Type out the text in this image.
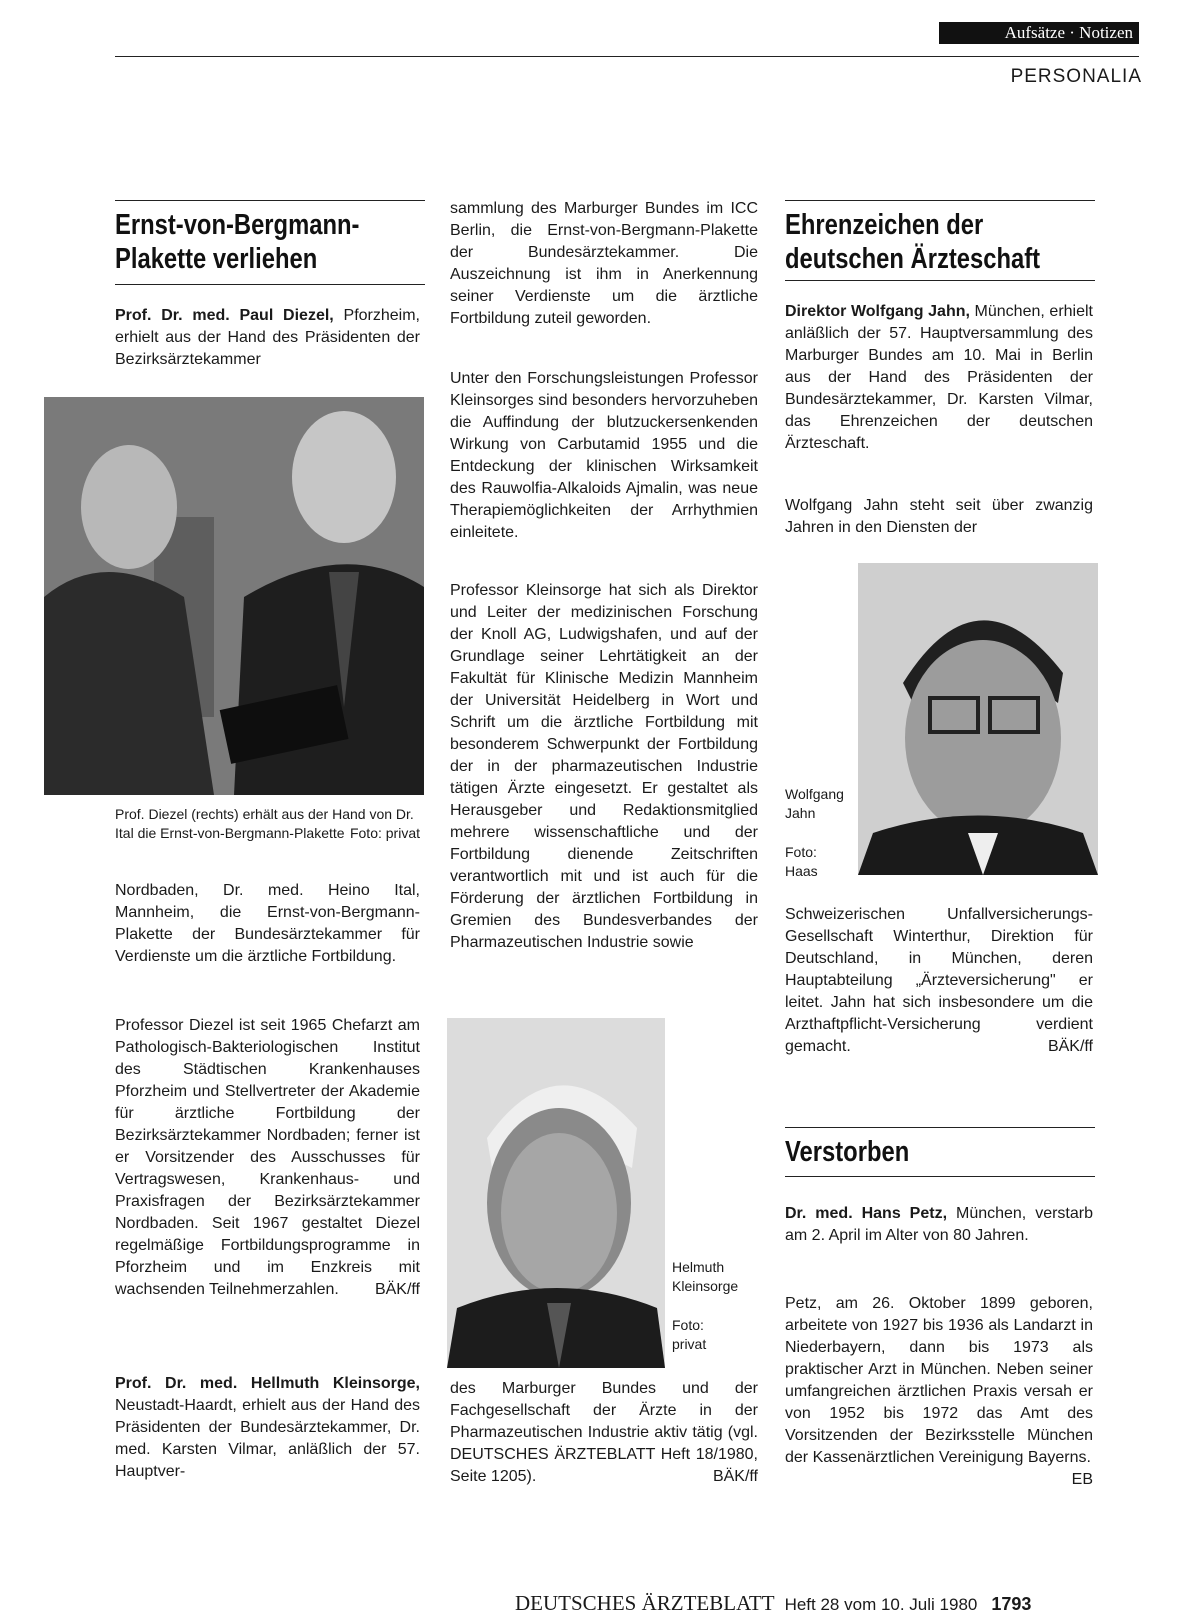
Aufsätze · Notizen
PERSONALIA
Ernst-von-Bergmann-
Plakette verliehen

Prof. Dr. med. Paul Diezel, Pforzheim, erhielt aus der Hand des Präsidenten der Bezirksärztekammer

Prof. Diezel (rechts) erhält aus der Hand von Dr. Ital die Ernst-von-Bergmann-Plakette Foto: privat

Nordbaden, Dr. med. Heino Ital, Mannheim, die Ernst-von-Bergmann-Plakette der Bundesärztekammer für Verdienste um die ärztliche Fortbildung.

Professor Diezel ist seit 1965 Chefarzt am Pathologisch-Bakteriologischen Institut des Städtischen Krankenhauses Pforzheim und Stellvertreter der Akademie für ärztliche Fortbildung der Bezirksärztekammer Nordbaden; ferner ist er Vorsitzender des Ausschusses für Vertragswesen, Krankenhaus- und Praxisfragen der Bezirksärztekammer Nordbaden. Seit 1967 gestaltet Diezel regelmäßige Fortbildungsprogramme in Pforzheim und im Enzkreis mit wachsenden Teilnehmerzahlen. BÄK/ff

Prof. Dr. med. Hellmuth Kleinsorge, Neustadt-Haardt, erhielt aus der Hand des Präsidenten der Bundesärztekammer, Dr. med. Karsten Vilmar, anläßlich der 57. Hauptver-

sammlung des Marburger Bundes im ICC Berlin, die Ernst-von-Bergmann-Plakette der Bundesärztekammer. Die Auszeichnung ist ihm in Anerkennung seiner Verdienste um die ärztliche Fortbildung zuteil geworden.

Unter den Forschungsleistungen Professor Kleinsorges sind besonders hervorzuheben die Auffindung der blutzuckersenkenden Wirkung von Carbutamid 1955 und die Entdeckung der klinischen Wirksamkeit des Rauwolfia-Alkaloids Ajmalin, was neue Therapiemöglichkeiten der Arrhythmien einleitete.

Professor Kleinsorge hat sich als Direktor und Leiter der medizinischen Forschung der Knoll AG, Ludwigshafen, und auf der Grundlage seiner Lehrtätigkeit an der Fakultät für Klinische Medizin Mannheim der Universität Heidelberg in Wort und Schrift um die ärztliche Fortbildung mit besonderem Schwerpunkt der Fortbildung der in der pharmazeutischen Industrie tätigen Ärzte eingesetzt. Er gestaltet als Herausgeber und Redaktionsmitglied mehrere wissenschaftliche und der Fortbildung dienende Zeitschriften verantwortlich mit und ist auch für die Förderung der ärztlichen Fortbildung in Gremien des Bundesverbandes der Pharmazeutischen Industrie sowie

Helmuth
Kleinsorge

Foto:
privat

des Marburger Bundes und der Fachgesellschaft der Ärzte in der Pharmazeutischen Industrie aktiv tätig (vgl. DEUTSCHES ÄRZTEBLATT Heft 18/1980, Seite 1205).	BÄK/ff

Ehrenzeichen der
deutschen Ärzteschaft

Direktor Wolfgang Jahn, München, erhielt anläßlich der 57. Hauptversammlung des Marburger Bundes am 10. Mai in Berlin aus der Hand des Präsidenten der Bundesärztekammer, Dr. Karsten Vilmar, das Ehrenzeichen der deutschen Ärzteschaft.

Wolfgang Jahn steht seit über zwanzig Jahren in den Diensten der

Wolfgang
Jahn

Foto:
Haas

Schweizerischen Unfallversicherungs-Gesellschaft Winterthur, Direktion für Deutschland, in München, deren Hauptabteilung „Ärzteversicherung" er leitet. Jahn hat sich insbesondere um die Arzthaftpflicht-Versicherung verdient gemacht.	BÄK/ff

Verstorben

Dr. med. Hans Petz, München, verstarb am 2. April im Alter von 80 Jahren.

Petz, am 26. Oktober 1899 geboren, arbeitete von 1927 bis 1936 als Landarzt in Niederbayern, dann bis 1973 als praktischer Arzt in München. Neben seiner umfangreichen ärztlichen Praxis versah er von 1952 bis 1972 das Amt des Vorsitzenden der Bezirksstelle München der Kassenärztlichen Vereinigung Bayerns.
EB

DEUTSCHES ÄRZTEBLATT Heft 28 vom 10. Juli 1980 1793
